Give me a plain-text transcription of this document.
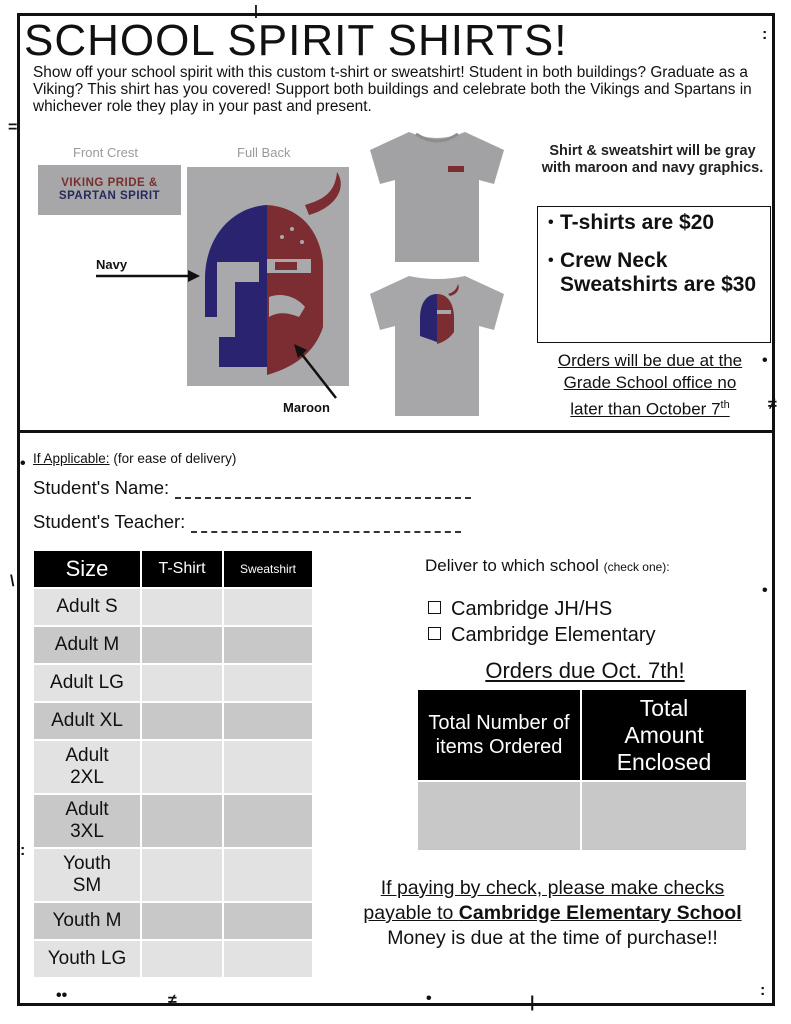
=
|
:
≠
•
•
\
•
:
••	≠	•	|
:
SCHOOL SPIRIT SHIRTS!
Show off your school spirit with this custom t-shirt or sweatshirt! Student in both buildings? Graduate as a Viking? This shirt has you covered! Support both buildings and celebrate both the Vikings and Spartans in whichever role they play in your past and present.
Front Crest	Full Back
VIKING PRIDE &
SPARTAN SPIRIT
Navy
Maroon
Shirt & sweatshirt will be gray with maroon and navy graphics.
• T-shirts are $20
• Crew Neck Sweatshirts are $30
Orders will be due at the
Grade School office no
later than October 7th
If Applicable: (for ease of delivery)
Student's Name:
Student's Teacher:
Size	T-Shirt	Sweatshirt
Adult S		
Adult M		
Adult LG		
Adult XL		

Adult 2XL		

Adult 3XL		

Youth SM		

Youth M		
Youth LG		
Deliver to which school (check one):
Cambridge JH/HS
Cambridge Elementary
Orders due Oct. 7th!
Total Number of items Ordered	Total Amount Enclosed

If paying by check, please make checks
payable to Cambridge Elementary School
Money is due at the time of purchase!!
